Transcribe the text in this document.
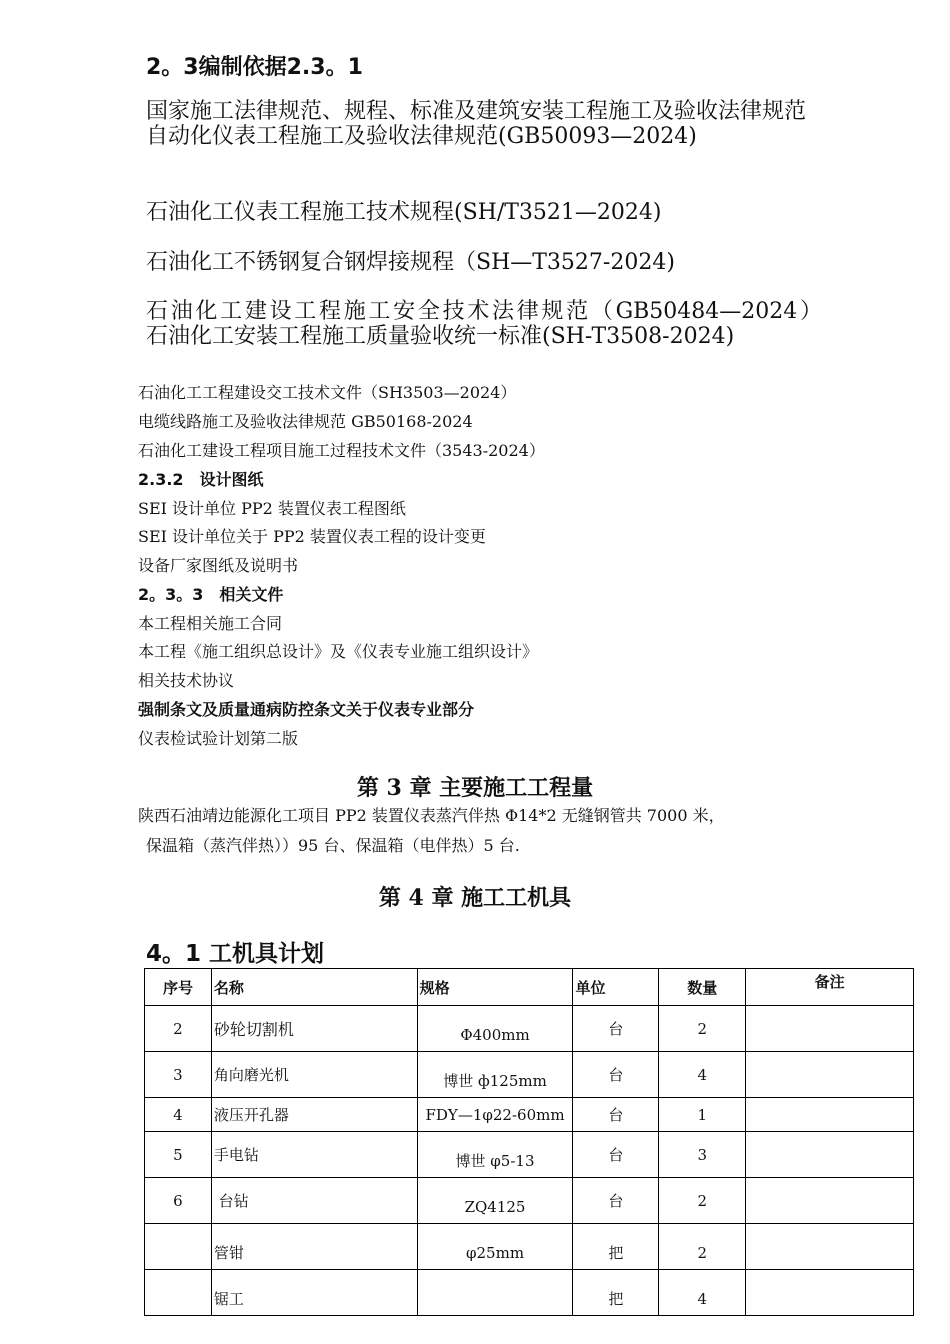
2。3编制依据2.3。1
国家施工法律规范、规程、标准及建筑安装工程施工及验收法律规范自动化仪表工程施工及验收法律规范(GB50093—2024)
石油化工仪表工程施工技术规程(SH/T3521—2024)
石油化工不锈钢复合钢焊接规程（SH—T3527-2024)
石油化工建设工程施工安全技术法律规范（GB50484—2024）　　石油化工安装工程施工质量验收统一标准(SH-T3508-2024)
石油化工工程建设交工技术文件（SH3503—2024）
电缆线路施工及验收法律规范 GB50168-2024
石油化工建设工程项目施工过程技术文件（3543-2024）
2.3.2　设计图纸
SEI 设计单位 PP2 装置仪表工程图纸
SEI 设计单位关于 PP2 装置仪表工程的设计变更
设备厂家图纸及说明书
2。3。3　相关文件
本工程相关施工合同
本工程《施工组织总设计》及《仪表专业施工组织设计》
相关技术协议
强制条文及质量通病防控条文关于仪表专业部分
仪表检试验计划第二版
第 3 章 主要施工工程量
陕西石油靖边能源化工项目 PP2 装置仪表蒸汽伴热 Φ14*2 无缝钢管共 7000 米，
保温箱（蒸汽伴热））95 台、保温箱（电伴热）5 台.
第 4 章 施工工机具
4。1 工机具计划
序号	名称	规格	单位	数量	备注
2	砂轮切割机	Φ400mm	台	2	
3	角向磨光机	博世 ф125mm	台	4	
4	液压开孔器	FDY—1φ22-60mm	台	1	
5	手电钻	博世 φ5-13	台	3	
6	台钻	ZQ4125	台	2	
	管钳	φ25mm	把	2	
	锯工		把	4	
